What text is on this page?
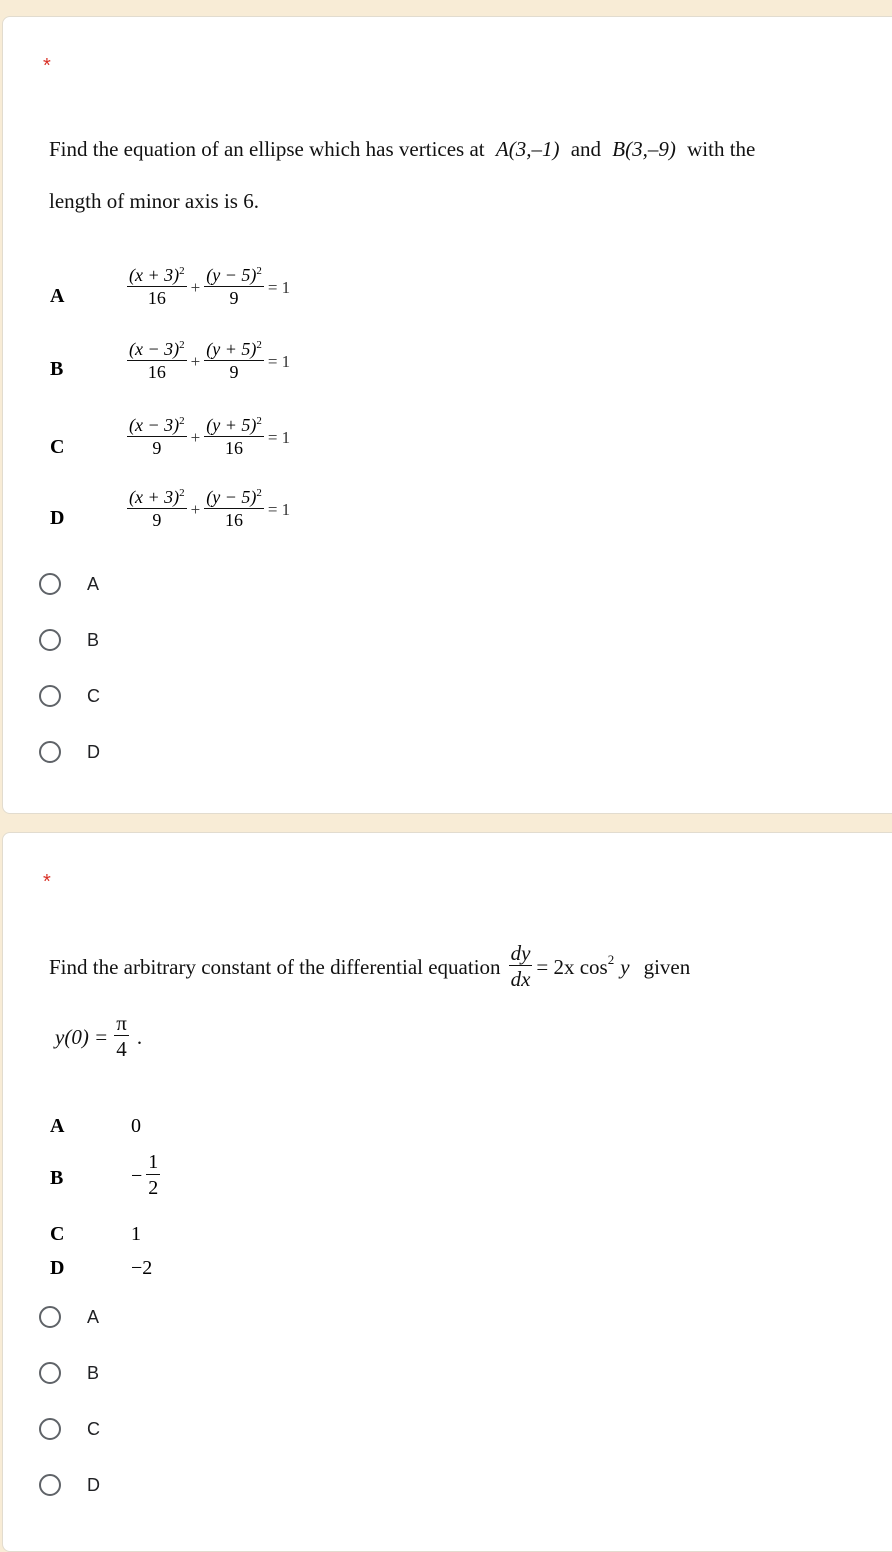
*
Find the equation of an ellipse which has vertices at A(3,–1) and B(3,–9) with the
length of minor axis is 6.
A	$\frac{(x + 3)^2}{16} + \frac{(y - 5)^2}{9} = 1$
B	$\frac{(x - 3)^2}{16} + \frac{(y + 5)^2}{9} = 1$
C	$\frac{(x - 3)^2}{9} + \frac{(y + 5)^2}{16} = 1$
D	$\frac{(x + 3)^2}{9} + \frac{(y - 5)^2}{16} = 1$
A
B
C
D
*
Find the arbitrary constant of the differential equation $\frac{dy}{dx} = 2x$ $\cos^2 y$ given
$y(0) = \frac{\pi}{4}$ .
A	0
B	− $\frac{1}{2}$
C	1
D	−2
A
B
C
D
